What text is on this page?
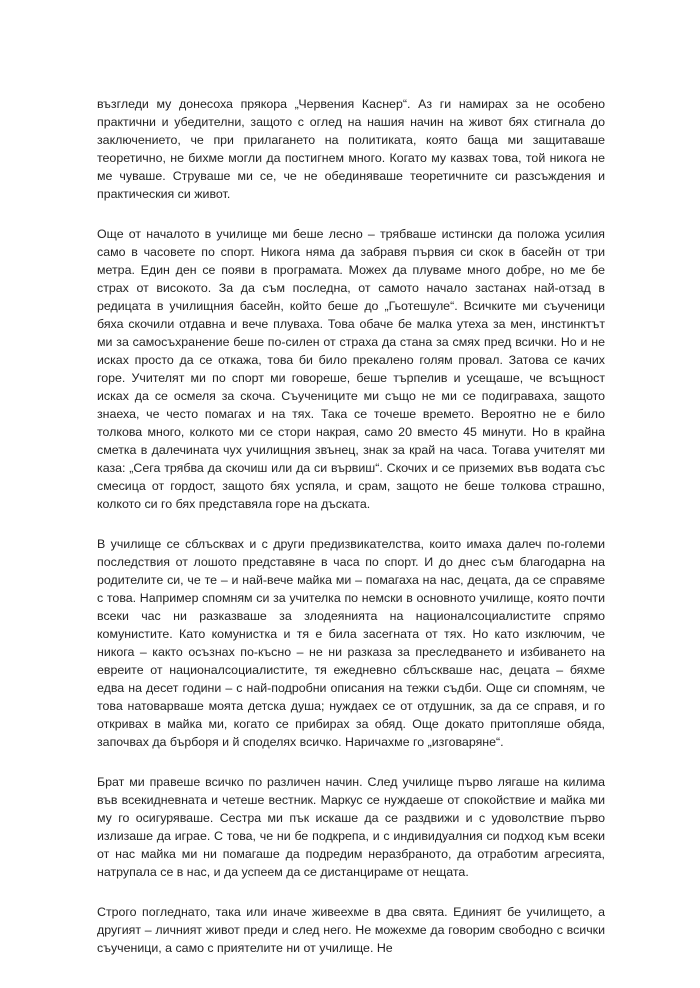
възгледи му донесоха прякора „Червения Каснер“. Аз ги намирах за не особено практични и убедителни, защото с оглед на нашия начин на живот бях стигнала до заключението, че при прилагането на политиката, която баща ми защитаваше теоретично, не бихме могли да постигнем много. Когато му казвах това, той никога не ме чуваше. Струваше ми се, че не обединяваше теоретичните си разсъждения и практическия си живот.

Още от началото в училище ми беше лесно – трябваше истински да положа усилия само в часовете по спорт. Никога няма да забравя първия си скок в басейн от три метра. Един ден се появи в програмата. Можех да плуваме много добре, но ме бе страх от високото. За да съм последна, от самото начало застанах най-отзад в редицата в училищния басейн, който беше до „Гьотешуле“. Всичките ми съученици бяха скочили отдавна и вече плуваха. Това обаче бе малка утеха за мен, инстинктът ми за самосъхранение беше по-силен от страха да стана за смях пред всички. Но и не исках просто да се откажа, това би било прекалено голям провал. Затова се качих горе. Учителят ми по спорт ми говореше, беше търпелив и усещаше, че всъщност исках да се осмеля за скоча. Съучениците ми също не ми се подигравaха, защото знаеха, че често помагах и на тях. Така се точеше времето. Вероятно не е било толкова много, колкото ми се стори накрая, само 20 вместо 45 минути. Но в крайна сметка в далечината чух училищния звънец, знак за край на часа. Тогава учителят ми каза: „Сега трябва да скочиш или да си вървиш“. Скочих и се приземих във водата със смесица от гордост, защото бях успяла, и срам, защото не беше толкова страшно, колкото си го бях представяла горе на дъската.

В училище се сблъсквах и с други предизвикателства, които имаха далеч по-големи последствия от лошото представяне в часа по спорт. И до днес съм благодарна на родителите си, че те – и най-вече майка ми – помагаха на нас, децата, да се справяме с това. Например спомням си за учителка по немски в основното училище, която почти всеки час ни разказваше за злодеянията на националсоциалистите спрямо комунистите. Като комунистка и тя е била засегната от тях. Но като изключим, че никога – както осъзнах по-късно – не ни разказа за преследването и избиването на евреите от националсоциалистите, тя ежедневно сблъскваше нас, децата – бяхме едва на десет години – с най-подробни описания на тежки съдби. Още си спомням, че това натоварваше моята детска душа; нуждаех се от отдушник, за да се справя, и го откривах в майка ми, когато се прибирах за обяд. Още докато притопляше обяда, започвах да бърборя и й споделях всичко. Наричахме го „изговаряне“.

Брат ми правеше всичко по различен начин. След училище първо лягаше на килима във всекидневната и четеше вестник. Маркус се нуждаеше от спокойствие и майка ми му го осигуряваше. Сестра ми пък искаше да се раздвижи и с удоволствие първо излизаше да играе. С това, че ни бе подкрепа, и с индивидуалния си подход към всеки от нас майка ми ни помагаше да подредим неразбраното, да отработим агресията, натрупала се в нас, и да успеем да се дистанцираме от нещата.

Строго погледнато, така или иначе живеехме в два свята. Единият бе училището, а другият – личният живот преди и след него. Не можехме да говорим свободно с всички съученици, а само с приятелите ни от училище. Не
